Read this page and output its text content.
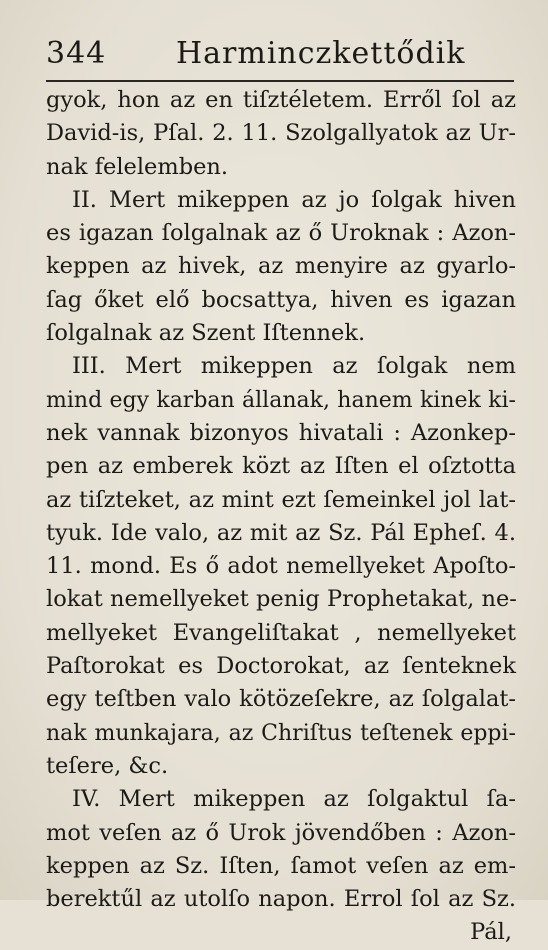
344 Harminczkettődik
gyok, hon az en tiſztéletem. Erről ſol az
David-is, Pſal. 2. 11. Szolgallyatok az Ur-
nak felelemben.
II. Mert mikeppen az jo ſolgak hiven
es igazan ſolgalnak az ő Uroknak : Azon-
keppen az hivek, az menyire az gyarlo-
ſag őket elő bocsattya, hiven es igazan
ſolgalnak az Szent Iſtennek.
III. Mert mikeppen az ſolgak nem
mind egy karban állanak, hanem kinek ki-
nek vannak bizonyos hivatali : Azonkep-
pen az emberek közt az Iſten el oſztotta
az tiſzteket, az mint ezt ſemeinkel jol lat-
tyuk. Ide valo, az mit az Sz. Pál Epheſ. 4.
11. mond. Es ő adot nemellyeket Apoſto-
lokat nemellyeket penig Prophetakat, ne-
mellyeket Evangeliſtakat , nemellyeket
Paſtorokat es Doctorokat, az ſenteknek
egy teſtben valo kötözeſekre, az ſolgalat-
nak munkajara, az Chriſtus teſtenek eppi-
teſere, &c.
IV. Mert mikeppen az ſolgaktul ſa-
mot veſen az ő Urok jövendőben : Azon-
keppen az Sz. Iſten, ſamot veſen az em-
berektűl az utolſo napon. Errol ſol az Sz.
Pál,
